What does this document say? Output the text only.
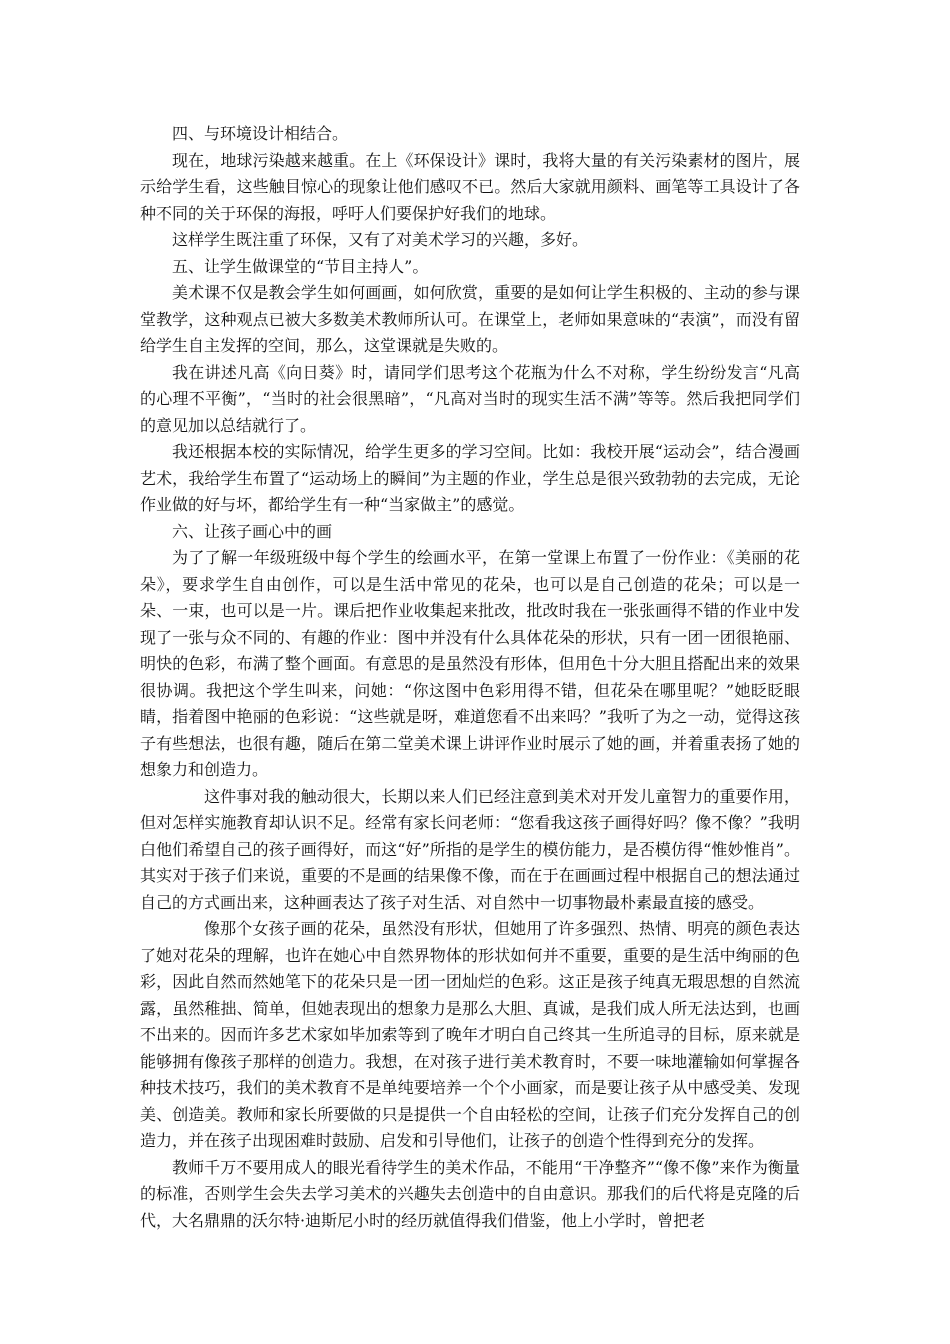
四、与环境设计相结合。

现在，地球污染越来越重。在上《环保设计》课时，我将大量的有关污染素材的图片，展示给学生看，这些触目惊心的现象让他们感叹不已。然后大家就用颜料、画笔等工具设计了各种不同的关于环保的海报，呼吁人们要保护好我们的地球。

这样学生既注重了环保，又有了对美术学习的兴趣，多好。

五、让学生做课堂的“节目主持人”。

美术课不仅是教会学生如何画画，如何欣赏，重要的是如何让学生积极的、主动的参与课堂教学，这种观点已被大多数美术教师所认可。在课堂上，老师如果意味的“表演”，而没有留给学生自主发挥的空间，那么，这堂课就是失败的。

我在讲述凡高《向日葵》时，请同学们思考这个花瓶为什么不对称，学生纷纷发言“凡高的心理不平衡”，“当时的社会很黑暗”，“凡高对当时的现实生活不满”等等。然后我把同学们的意见加以总结就行了。

我还根据本校的实际情况，给学生更多的学习空间。比如：我校开展“运动会”，结合漫画艺术，我给学生布置了“运动场上的瞬间”为主题的作业，学生总是很兴致勃勃的去完成，无论作业做的好与坏，都给学生有一种“当家做主”的感觉。

六、让孩子画心中的画

为了了解一年级班级中每个学生的绘画水平，在第一堂课上布置了一份作业：《美丽的花朵》，要求学生自由创作，可以是生活中常见的花朵，也可以是自己创造的花朵；可以是一朵、一束，也可以是一片。课后把作业收集起来批改，批改时我在一张张画得不错的作业中发现了一张与众不同的、有趣的作业：图中并没有什么具体花朵的形状，只有一团一团很艳丽、明快的色彩，布满了整个画面。有意思的是虽然没有形体，但用色十分大胆且搭配出来的效果很协调。我把这个学生叫来，问她：“你这图中色彩用得不错，但花朵在哪里呢？”她眨眨眼睛，指着图中艳丽的色彩说：“这些就是呀，难道您看不出来吗？”我听了为之一动，觉得这孩子有些想法，也很有趣，随后在第二堂美术课上讲评作业时展示了她的画，并着重表扬了她的想象力和创造力。

这件事对我的触动很大，长期以来人们已经注意到美术对开发儿童智力的重要作用，但对怎样实施教育却认识不足。经常有家长问老师：“您看我这孩子画得好吗？像不像？”我明白他们希望自己的孩子画得好，而这“好”所指的是学生的模仿能力，是否模仿得“惟妙惟肖”。其实对于孩子们来说，重要的不是画的结果像不像，而在于在画画过程中根据自己的想法通过自己的方式画出来，这种画表达了孩子对生活、对自然中一切事物最朴素最直接的感受。

像那个女孩子画的花朵，虽然没有形状，但她用了许多强烈、热情、明亮的颜色表达了她对花朵的理解，也许在她心中自然界物体的形状如何并不重要，重要的是生活中绚丽的色彩，因此自然而然她笔下的花朵只是一团一团灿烂的色彩。这正是孩子纯真无瑕思想的自然流露，虽然稚拙、简单，但她表现出的想象力是那么大胆、真诚，是我们成人所无法达到，也画不出来的。因而许多艺术家如毕加索等到了晚年才明白自己终其一生所追寻的目标，原来就是能够拥有像孩子那样的创造力。我想，在对孩子进行美术教育时，不要一味地灌输如何掌握各种技术技巧，我们的美术教育不是单纯要培养一个个小画家，而是要让孩子从中感受美、发现美、创造美。教师和家长所要做的只是提供一个自由轻松的空间，让孩子们充分发挥自己的创造力，并在孩子出现困难时鼓励、启发和引导他们，让孩子的创造个性得到充分的发挥。

教师千万不要用成人的眼光看待学生的美术作品，不能用“干净整齐”“像不像”来作为衡量的标准，否则学生会失去学习美术的兴趣失去创造中的自由意识。那我们的后代将是克隆的后代，大名鼎鼎的沃尔特·迪斯尼小时的经历就值得我们借鉴，他上小学时，曾把老
